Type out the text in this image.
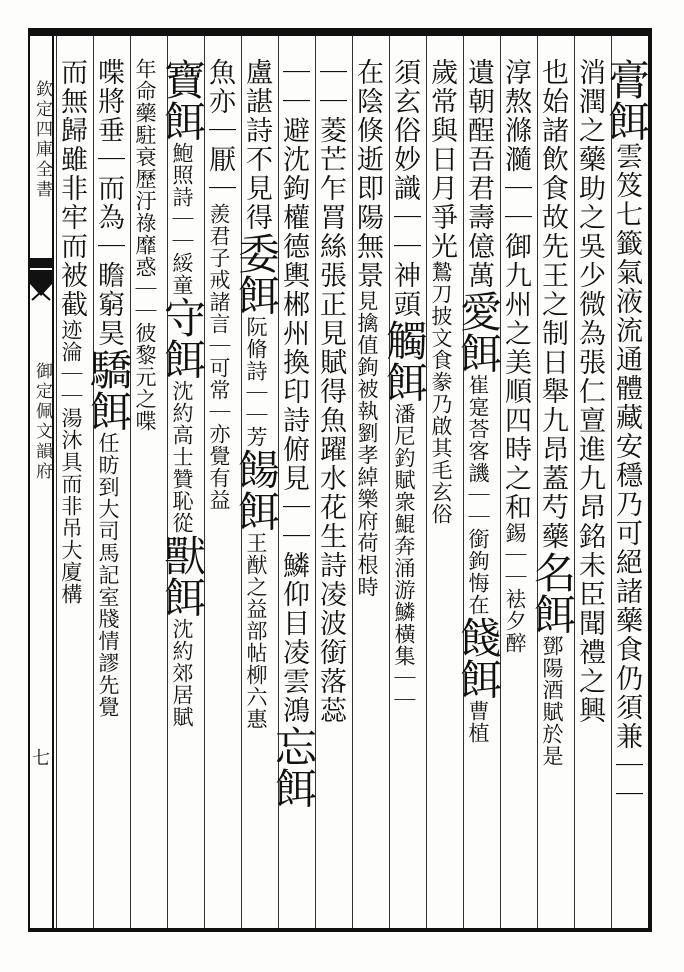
欽定四庫全書
御定佩文韻府
七
膏餌雲笈七籤氣液流通體藏安穩乃可絕諸藥食仍須兼｜｜
消潤之藥助之吳少微為張仁亶進九昂銘未臣聞禮之興
也始諸飲食故先王之制日舉九昂蓋芍藥名餌鄧陽酒賦於是
淳熬滌瀡｜｜御九州之美順四時之和錫｜｜袪夕醉
遺朝酲吾君壽億萬愛餌崔寔荅客譏｜｜銜鉤悔在餞餌曹植
歲常與日月爭光鷙刀披文食豢乃啟其毛玄俗
須玄俗妙識｜｜神頭觸餌潘尼釣賦衆鯤奔涌游鱗橫集｜｜
在陰倏逝即陽無景見擒值鉤被執劉孝綽樂府荷根時
｜｜菱芒乍罥絲張正見賦得魚躍水花生詩凌波銜落蕊
｜｜避沈鉤權德輿郴州換印詩俯見｜｜鱗仰目凌雲鴻忘餌
盧諶詩不見得委餌阮脩詩｜｜芳餳餌王猷之益部帖柳六惠
魚亦｜厭｜羨君子戒諸言｜可常｜亦覺有益
寶餌鮑照詩｜｜綏童守餌沈約高士贊恥從獸餌沈約郊居賦
年命藥駐衰歷汙祿靡惑｜｜彼黎元之喋
喋將垂｜而為｜瞻窮昊驕餌任昉到大司馬記室牋情謬先覺
而無歸雖非牢而被截迹淪｜｜湯沐具而非吊大廈構
